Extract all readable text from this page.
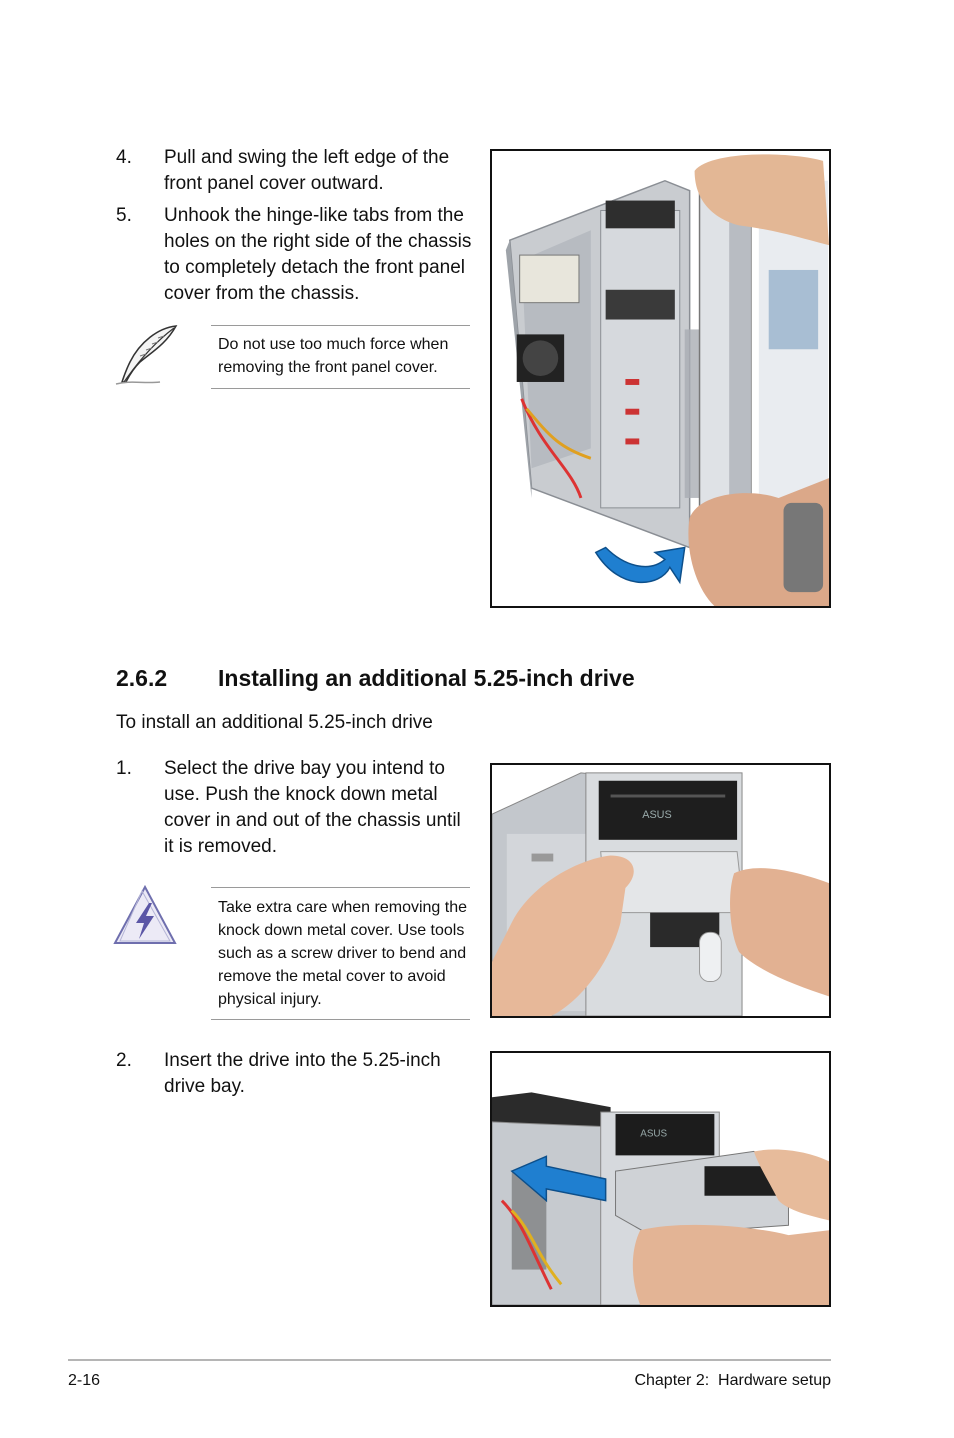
4. Pull and swing the left edge of the front panel cover outward.
5. Unhook the hinge-like tabs from the holes on the right side of the chassis to completely detach the front panel cover from the chassis.
Do not use too much force when removing the front panel cover.
2.6.2 Installing an additional 5.25-inch drive
To install an additional 5.25-inch drive
1. Select the drive bay you intend to use. Push the knock down metal cover in and out of the chassis until it is removed.
Take extra care when removing the knock down metal cover. Use tools such as a screw driver to bend and remove the metal cover to avoid physical injury.
ASUS
2. Insert the drive into the 5.25-inch drive bay.
ASUS
2-16	Chapter 2:  Hardware setup
